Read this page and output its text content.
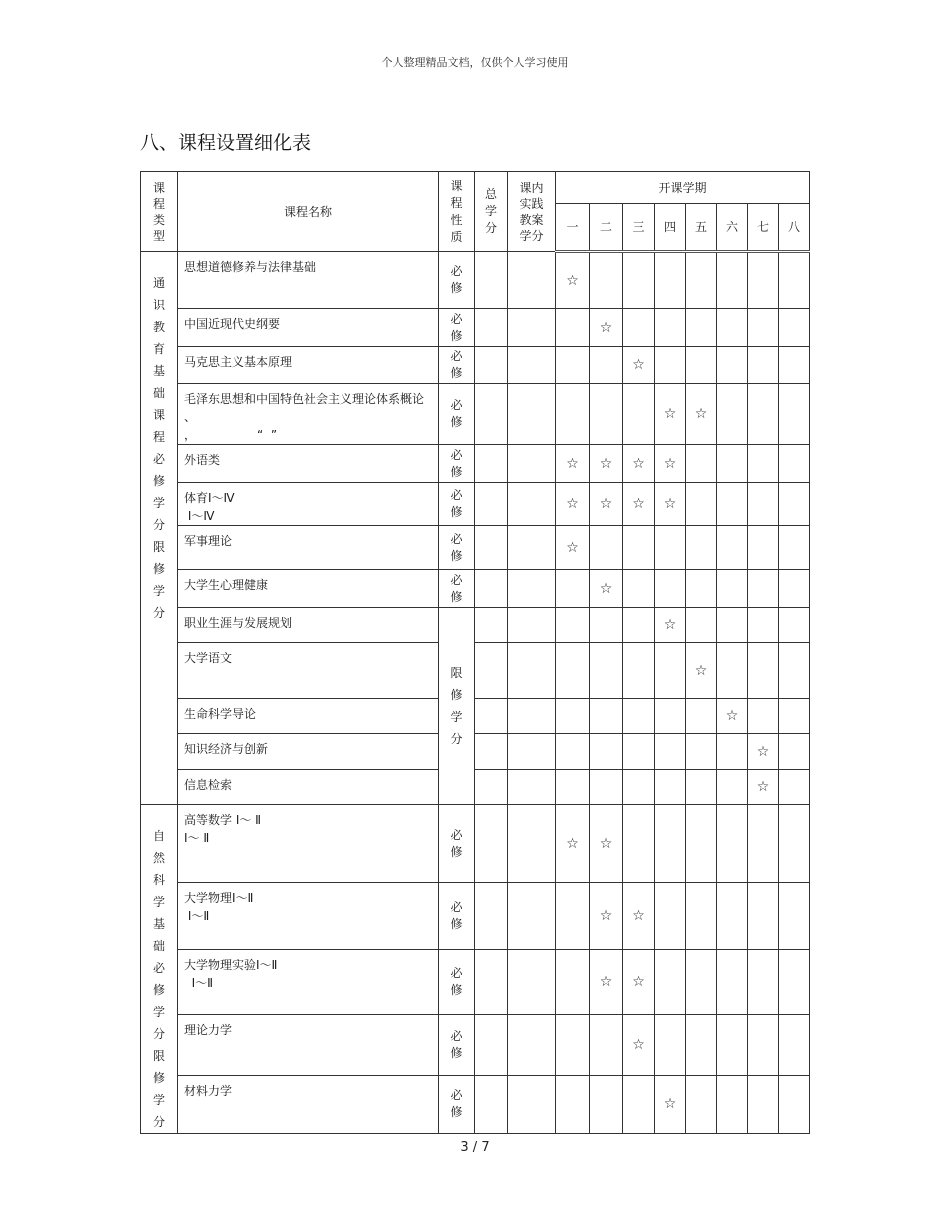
个人整理精品文档，仅供个人学习使用
八、课程设置细化表
课程类型	课程名称	课程性质	总学分	课内实践教案学分	开课学期							
					一	二	三	四	五	六	七	八

通识教育基础课程必修 学分限修 学分	思想道德修养与法律基础	必修			☆							
	中国近现代史纲要	必修				☆						
	马克思主义基本原理	必修					☆					
	毛泽东思想和中国特色社会主义理论体系概论 、
，                “  ”	必修						☆	☆			
	外语类	必修			☆	☆	☆	☆				
	体育Ⅰ～Ⅳ
Ⅰ～Ⅳ	必修			☆	☆	☆	☆				
	军事理论	必修			☆							
	大学生心理健康	必修				☆						
	职业生涯与发展规划	限修学分						☆				
	大学语文								☆			
	生命科学导论									☆		
	知识经济与创新										☆	
	信息检索										☆	

自然科学基础必修 学分限修学分	高等数学 Ⅰ～ Ⅱ
Ⅰ～ Ⅱ	必修			☆	☆						
	大学物理Ⅰ～Ⅱ
Ⅰ～Ⅱ	必修				☆	☆					
	大学物理实验Ⅰ～Ⅱ
Ⅰ～Ⅱ	必修				☆	☆					
	理论力学	必修					☆					
	材料力学	必修						☆				
3 / 7
